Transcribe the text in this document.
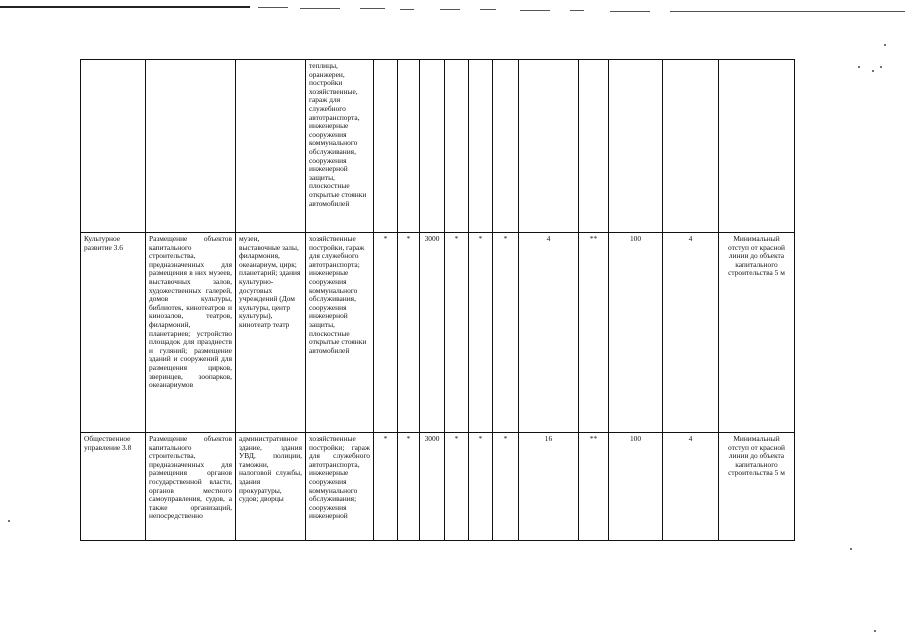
			теплицы, оранжереи, постройки хозяйственные, гараж для служебного автотранспорта, инженерные сооружения коммунального обслуживания, сооружения инженерной защиты, плоскостные открытые стоянки автомобилей											
Культурное развитие 3.6	Размещение объектов капитального строительства, предназначенных для размещения в них музеев, выставочных залов, художественных галерей, домов культуры, библиотек, кинотеатров и кинозалов, театров, филармоний, планетариев; устройство площадок для празднеств и гуляний; размещение зданий и сооружений для размещения цирков, зверинцев, зоопарков, океанариумов	музеи, выставочные залы, филармония, океанариум, цирк; планетарий; здания культурно-досуговых учреждений (Дом культуры, центр культуры), кинотеатр театр	хозяйственные постройки, гараж для служебного автотранспорта; инженерные сооружения коммунального обслуживания, сооружения инженерной защиты, плоскостные открытые стоянки автомобилей	*	*	3000	*	*	*	4	**	100	4	Минимальный отступ от красной линии до объекта капитального строительства 5 м
Общественное управление 3.8	Размещение объектов капитального строительства, предназначенных для размещения органов государственной власти, органов местного самоуправления, судов, а также организаций, непосредственно	административное здание, здания УВД, полиции, таможни, налоговой службы, здания прокуратуры, судов; дворцы	хозяйственные постройки; гараж для служебного автотранспорта, инженерные сооружения коммунального обслуживания; сооружения инженерной	*	*	3000	*	*	*	16	**	100	4	Минимальный отступ от красной линии до объекта капитального строительства 5 м
